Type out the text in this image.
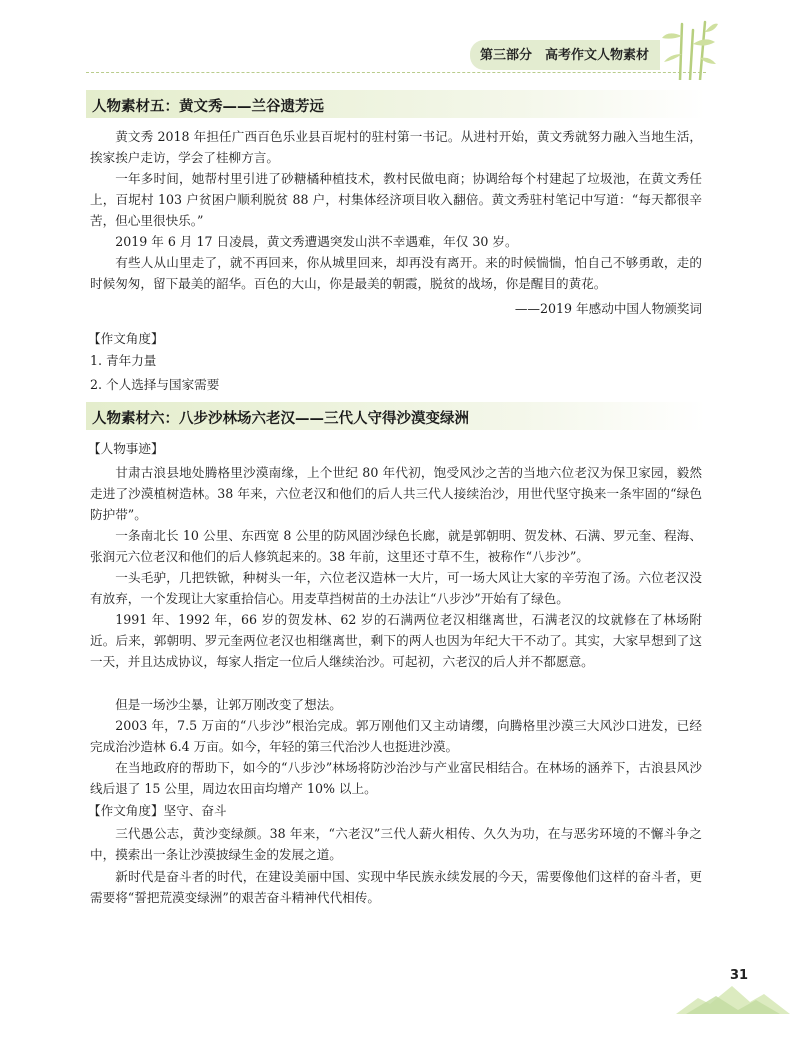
第三部分　高考作文人物素材
人物素材五：黄文秀——兰谷遗芳远
黄文秀 2018 年担任广西百色乐业县百坭村的驻村第一书记。从进村开始，黄文秀就努力融入当地生活，挨家挨户走访，学会了桂柳方言。
一年多时间，她帮村里引进了砂糖橘种植技术，教村民做电商；协调给每个村建起了垃圾池，在黄文秀任上，百坭村 103 户贫困户顺利脱贫 88 户，村集体经济项目收入翻倍。黄文秀驻村笔记中写道：“每天都很辛苦，但心里很快乐。”
2019 年 6 月 17 日凌晨，黄文秀遭遇突发山洪不幸遇难，年仅 30 岁。
有些人从山里走了，就不再回来，你从城里回来，却再没有离开。来的时候惴惴，怕自己不够勇敢，走的时候匆匆，留下最美的韶华。百色的大山，你是最美的朝霞，脱贫的战场，你是醒目的黄花。
——2019 年感动中国人物颁奖词
【作文角度】
1. 青年力量
2. 个人选择与国家需要
人物素材六：八步沙林场六老汉——三代人守得沙漠变绿洲
【人物事迹】
甘肃古浪县地处腾格里沙漠南缘，上个世纪 80 年代初，饱受风沙之苦的当地六位老汉为保卫家园，毅然走进了沙漠植树造林。38 年来，六位老汉和他们的后人共三代人接续治沙，用世代坚守换来一条牢固的“绿色防护带”。
一条南北长 10 公里、东西宽 8 公里的防风固沙绿色长廊，就是郭朝明、贺发林、石满、罗元奎、程海、张润元六位老汉和他们的后人修筑起来的。38 年前，这里还寸草不生，被称作“八步沙”。
一头毛驴，几把铁锨，种树头一年，六位老汉造林一大片，可一场大风让大家的辛劳泡了汤。六位老汉没有放弃，一个发现让大家重拾信心。用麦草挡树苗的土办法让“八步沙”开始有了绿色。
1991 年、1992 年，66 岁的贺发林、62 岁的石满两位老汉相继离世，石满老汉的坟就修在了林场附近。后来，郭朝明、罗元奎两位老汉也相继离世，剩下的两人也因为年纪大干不动了。其实，大家早想到了这一天，并且达成协议，每家人指定一位后人继续治沙。可起初，六老汉的后人并不都愿意。
但是一场沙尘暴，让郭万刚改变了想法。
2003 年，7.5 万亩的“八步沙”根治完成。郭万刚他们又主动请缨，向腾格里沙漠三大风沙口进发，已经完成治沙造林 6.4 万亩。如今，年轻的第三代治沙人也挺进沙漠。
在当地政府的帮助下，如今的“八步沙”林场将防沙治沙与产业富民相结合。在林场的涵养下，古浪县风沙线后退了 15 公里，周边农田亩均增产 10% 以上。
【作文角度】坚守、奋斗
三代愚公志，黄沙变绿颜。38 年来，“六老汉”三代人薪火相传、久久为功，在与恶劣环境的不懈斗争之中，摸索出一条让沙漠披绿生金的发展之道。
新时代是奋斗者的时代，在建设美丽中国、实现中华民族永续发展的今天，需要像他们这样的奋斗者，更需要将“誓把荒漠变绿洲”的艰苦奋斗精神代代相传。
31
